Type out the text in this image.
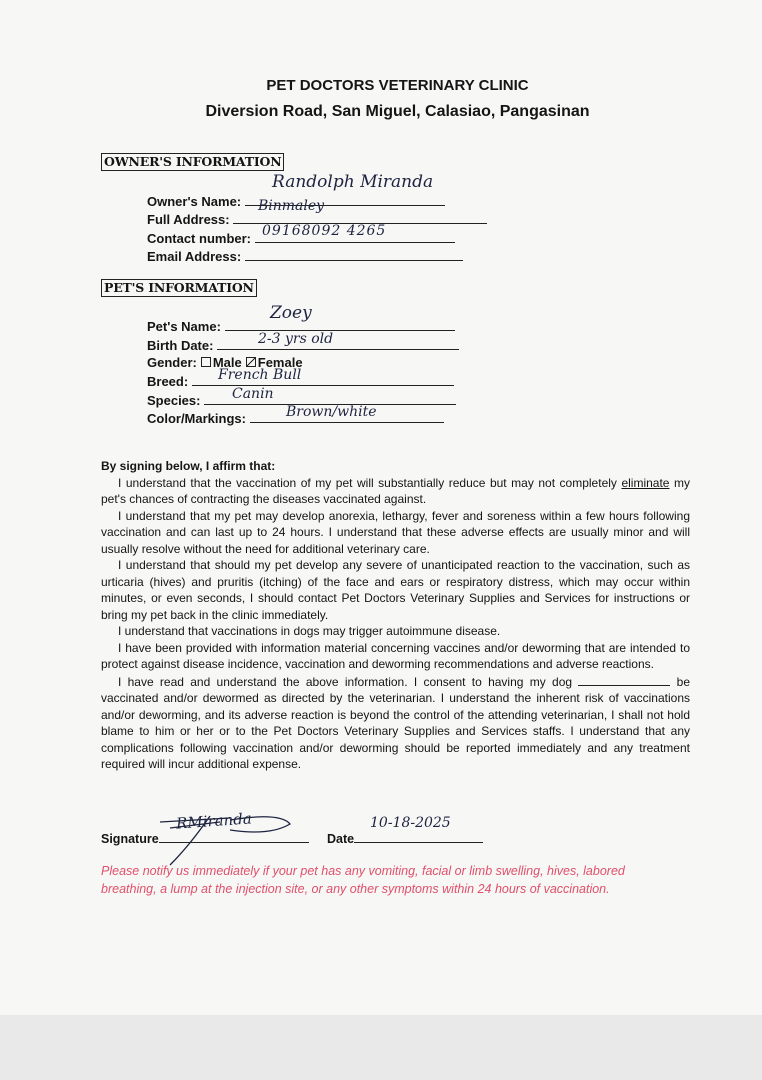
PET DOCTORS VETERINARY CLINIC
Diversion Road, San Miguel, Calasiao, Pangasinan
OWNER'S INFORMATION
Randolph Miranda
Owner's Name:	Binmaley
Full Address:
09168092 4265
Contact number:
Email Address:
PET'S INFORMATION
Zoey
Pet's Name:
2-3 yrs old
Birth Date:
Gender: Male Female
French Bull
Breed:
Canin
Species:
Brown/white
Color/Markings:

By signing below, I affirm that:

I understand that the vaccination of my pet will substantially reduce but may not completely eliminate my pet's chances of contracting the diseases vaccinated against.

I understand that my pet may develop anorexia, lethargy, fever and soreness within a few hours following vaccination and can last up to 24 hours. I understand that these adverse effects are usually minor and will usually resolve without the need for additional veterinary care.

I understand that should my pet develop any severe of unanticipated reaction to the vaccination, such as urticaria (hives) and pruritis (itching) of the face and ears or respiratory distress, which may occur within minutes, or even seconds, I should contact Pet Doctors Veterinary Supplies and Services for instructions or bring my pet back in the clinic immediately.

I understand that vaccinations in dogs may trigger autoimmune disease.

I have been provided with information material concerning vaccines and/or deworming that are intended to protect against disease incidence, vaccination and deworming recommendations and adverse reactions.

I have read and understand the above information. I consent to having my dog	be vaccinated and/or dewormed as directed by the veterinarian. I understand the inherent risk of vaccinations and/or deworming, and its adverse reaction is beyond the control of the attending veterinarian, I shall not hold blame to him or her or to the Pet Doctors Veterinary Supplies and Services staffs. I understand that any complications following vaccination and/or deworming should be reported immediately and any treatment required will incur additional expense.

RMiranda
Signature
10-18-2025
Date
Please notify us immediately if your pet has any vomiting, facial or limb swelling, hives, labored breathing, a lump at the injection site, or any other symptoms within 24 hours of vaccination.
